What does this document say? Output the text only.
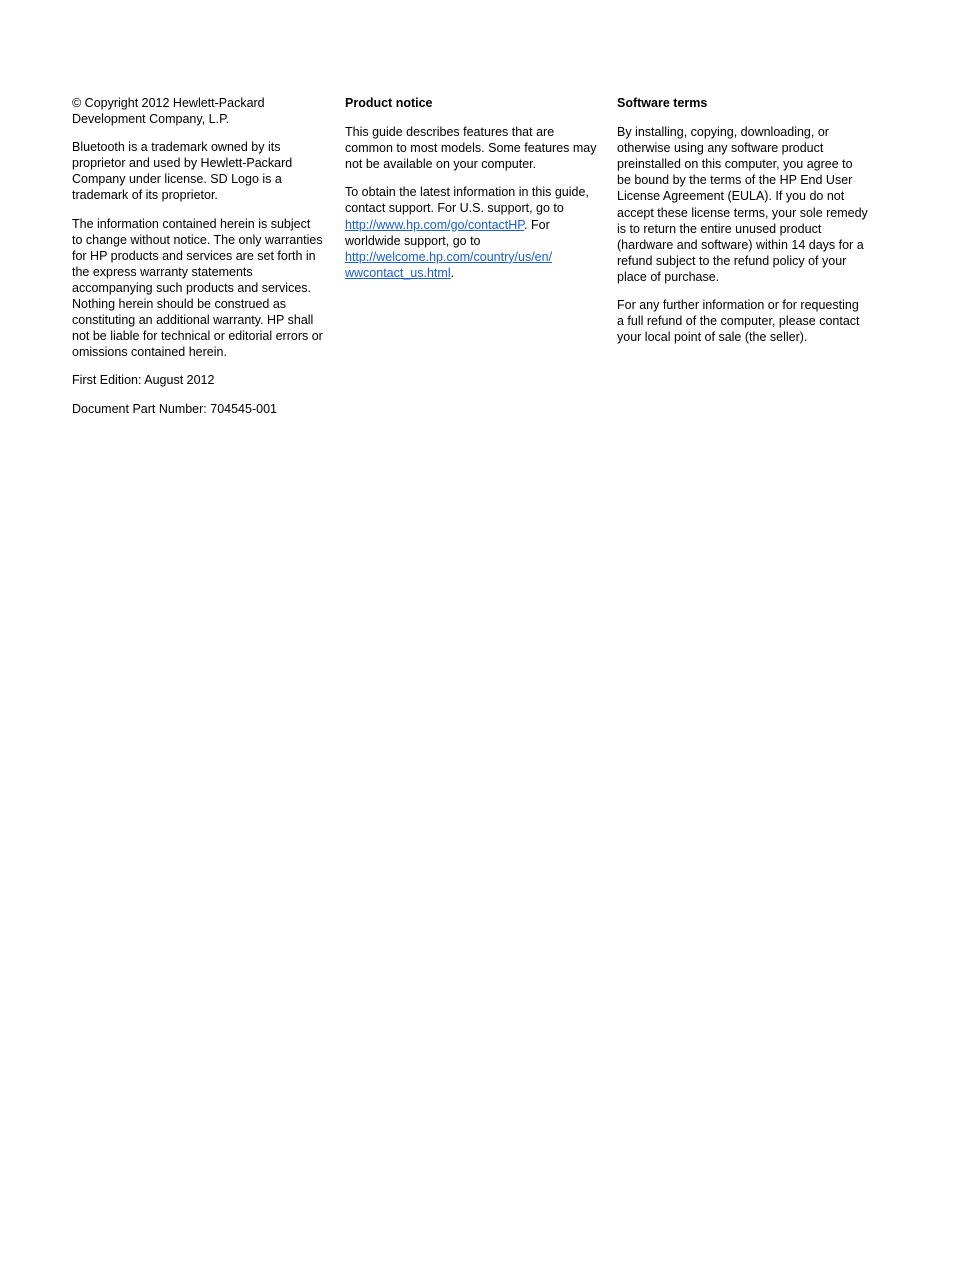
© Copyright 2012 Hewlett-Packard Development Company, L.P.

Bluetooth is a trademark owned by its proprietor and used by Hewlett-Packard Company under license. SD Logo is a trademark of its proprietor.

The information contained herein is subject to change without notice. The only warranties for HP products and services are set forth in the express warranty statements accompanying such products and services. Nothing herein should be construed as constituting an additional warranty. HP shall not be liable for technical or editorial errors or omissions contained herein.

First Edition: August 2012

Document Part Number: 704545-001

Product notice

This guide describes features that are common to most models. Some features may not be available on your computer.

To obtain the latest information in this guide, contact support. For U.S. support, go to http://www.hp.com/go/contactHP. For worldwide support, go to http://welcome.hp.com/country/us/en/wwcontact_us.html.

Software terms

By installing, copying, downloading, or otherwise using any software product preinstalled on this computer, you agree to be bound by the terms of the HP End User License Agreement (EULA). If you do not accept these license terms, your sole remedy is to return the entire unused product (hardware and software) within 14 days for a refund subject to the refund policy of your place of purchase.

For any further information or for requesting a full refund of the computer, please contact your local point of sale (the seller).
